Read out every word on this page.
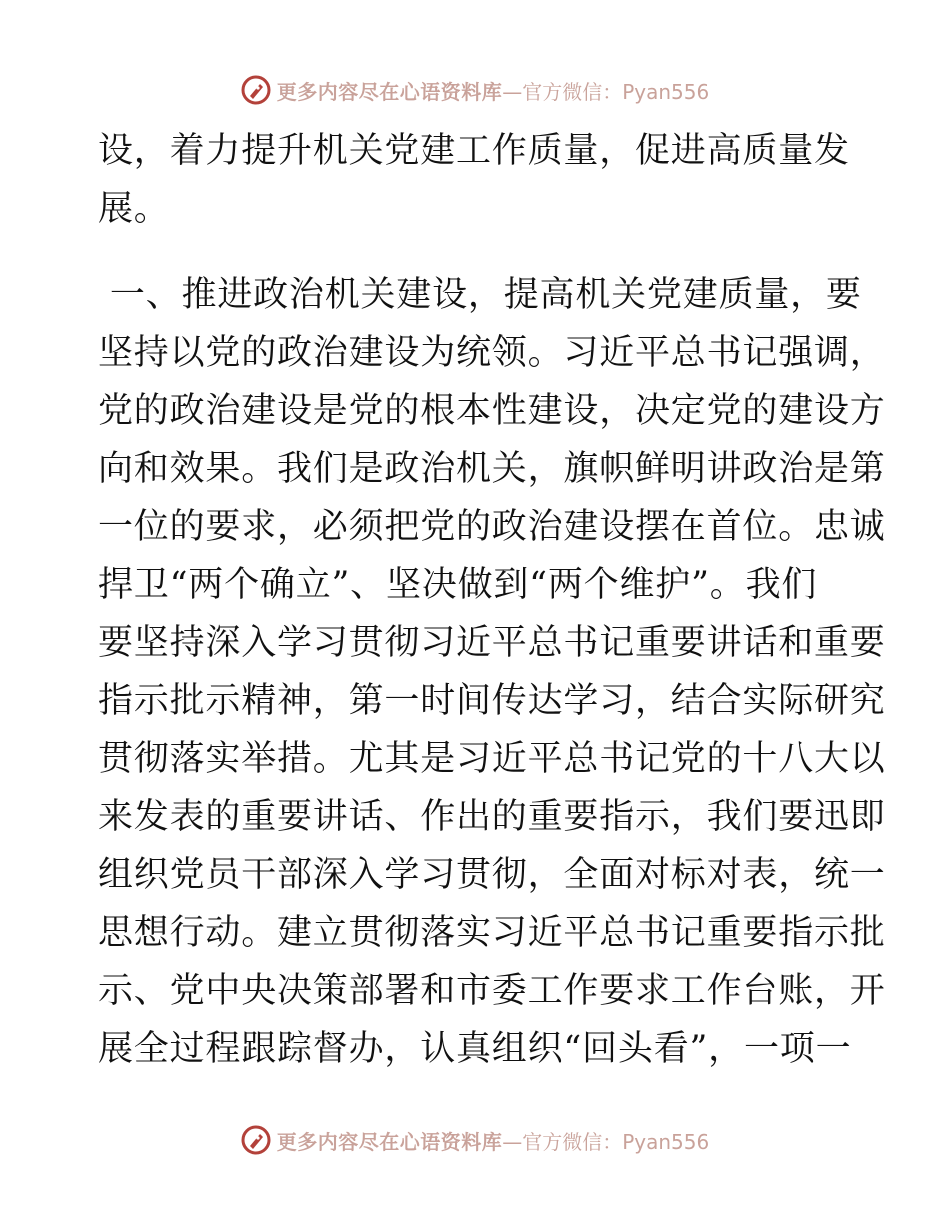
更多内容尽在心语资料库 —官方微信：Pyan556
设，着力提升机关党建工作质量，促进高质量发
展。
一、推进政治机关建设，提高机关党建质量，要
坚持以党的政治建设为统领。习近平总书记强调，
党的政治建设是党的根本性建设，决定党的建设方
向和效果。我们是政治机关，旗帜鲜明讲政治是第
一位的要求，必须把党的政治建设摆在首位。忠诚
捍卫“两个确立”、坚决做到“两个维护”。我们
要坚持深入学习贯彻习近平总书记重要讲话和重要
指示批示精神，第一时间传达学习，结合实际研究
贯彻落实举措。尤其是习近平总书记党的十八大以
来发表的重要讲话、作出的重要指示，我们要迅即
组织党员干部深入学习贯彻，全面对标对表，统一
思想行动。建立贯彻落实习近平总书记重要指示批
示、党中央决策部署和市委工作要求工作台账，开
展全过程跟踪督办，认真组织“回头看”，一项一
更多内容尽在心语资料库 —官方微信：Pyan556
